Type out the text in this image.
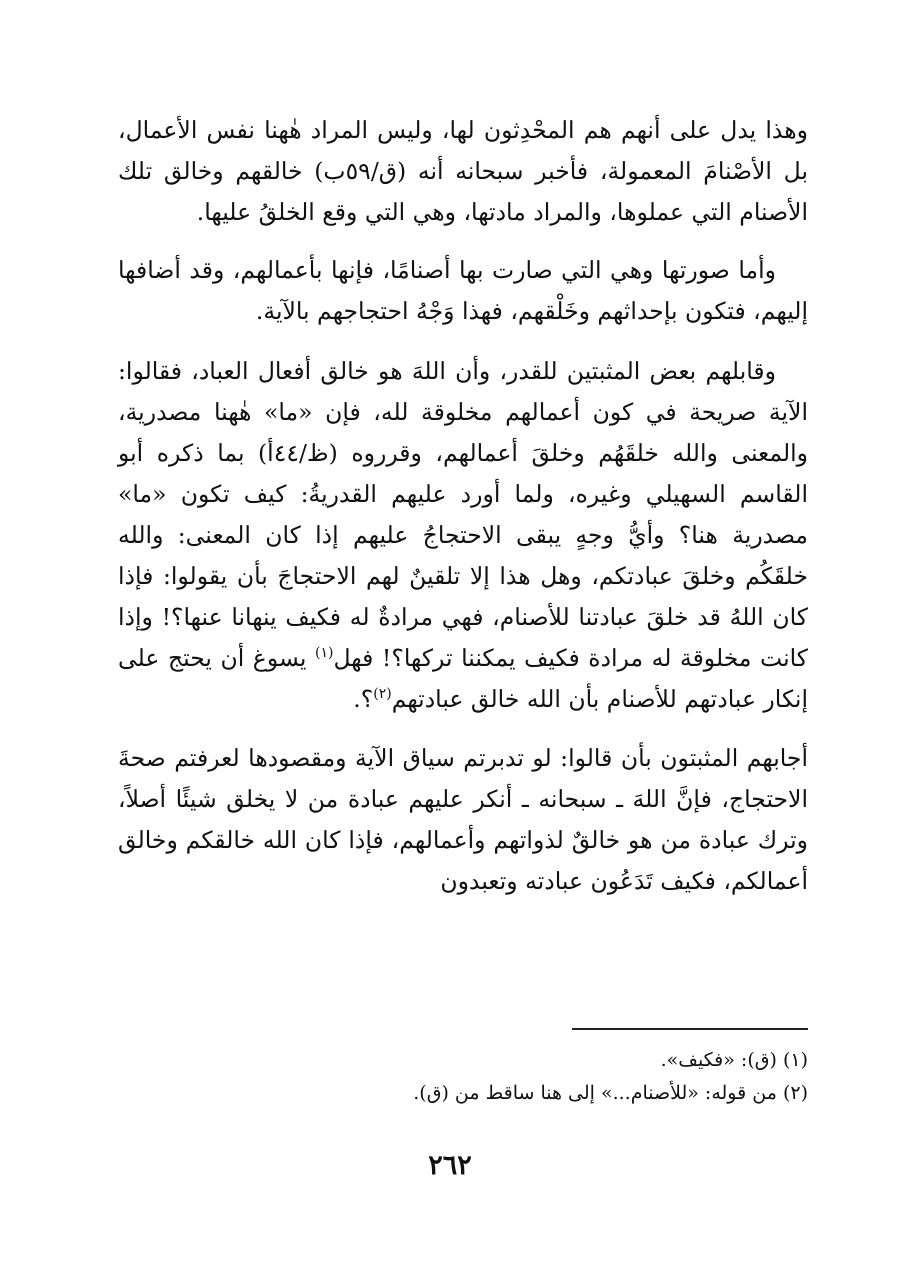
وهذا يدل على أنهم هم المحْدِثون لها، وليس المراد هٰهنا نفس الأعمال، بل الأصْنامَ المعمولة، فأخبر سبحانه أنه (ق/٥٩ب) خالقهم وخالق تلك الأصنام التي عملوها، والمراد مادتها، وهي التي وقع الخلقُ عليها.

وأما صورتها وهي التي صارت بها أصنامًا، فإنها بأعمالهم، وقد أضافها إليهم، فتكون بإحداثهم وخَلْقهم، فهذا وَجْهُ احتجاجهم بالآية.

وقابلهم بعض المثبتين للقدر، وأن اللهَ هو خالق أفعال العباد، فقالوا: الآية صريحة في كون أعمالهم مخلوقة لله، فإن «ما» هٰهنا مصدرية، والمعنى والله خلقَهُم وخلقَ أعمالهم، وقرروه (ظ/٤٤أ) بما ذكره أبو القاسم السهيلي وغيره، ولما أورد عليهم القدريةُ: كيف تكون «ما» مصدرية هنا؟ وأيُّ وجهٍ يبقى الاحتجاجُ عليهم إذا كان المعنى: والله خلقَكُم وخلقَ عبادتكم، وهل هذا إلا تلقينٌ لهم الاحتجاجَ بأن يقولوا: فإذا كان اللهُ قد خلقَ عبادتنا للأصنام، فهي مرادةٌ له فكيف ينهانا عنها؟! وإذا كانت مخلوقة له مرادة فكيف يمكننا تركها؟! فهل$^{(١)}$ يسوغ أن يحتج على إنكار عبادتهم للأصنام بأن الله خالق عبادتهم$^{(٢)}$؟.

أجابهم المثبتون بأن قالوا: لو تدبرتم سياق الآية ومقصودها لعرفتم صحةَ الاحتجاج، فإنَّ اللهَ ـ سبحانه ـ أنكر عليهم عبادة من لا يخلق شيئًا أصلاً، وترك عبادة من هو خالقٌ لذواتهم وأعمالهم، فإذا كان الله خالقكم وخالق أعمالكم، فكيف تَدَعُون عبادته وتعبدون

(١) (ق): «فكيف».

(٢) من قوله: «للأصنام...» إلى هنا ساقط من (ق).

٢٦٢
